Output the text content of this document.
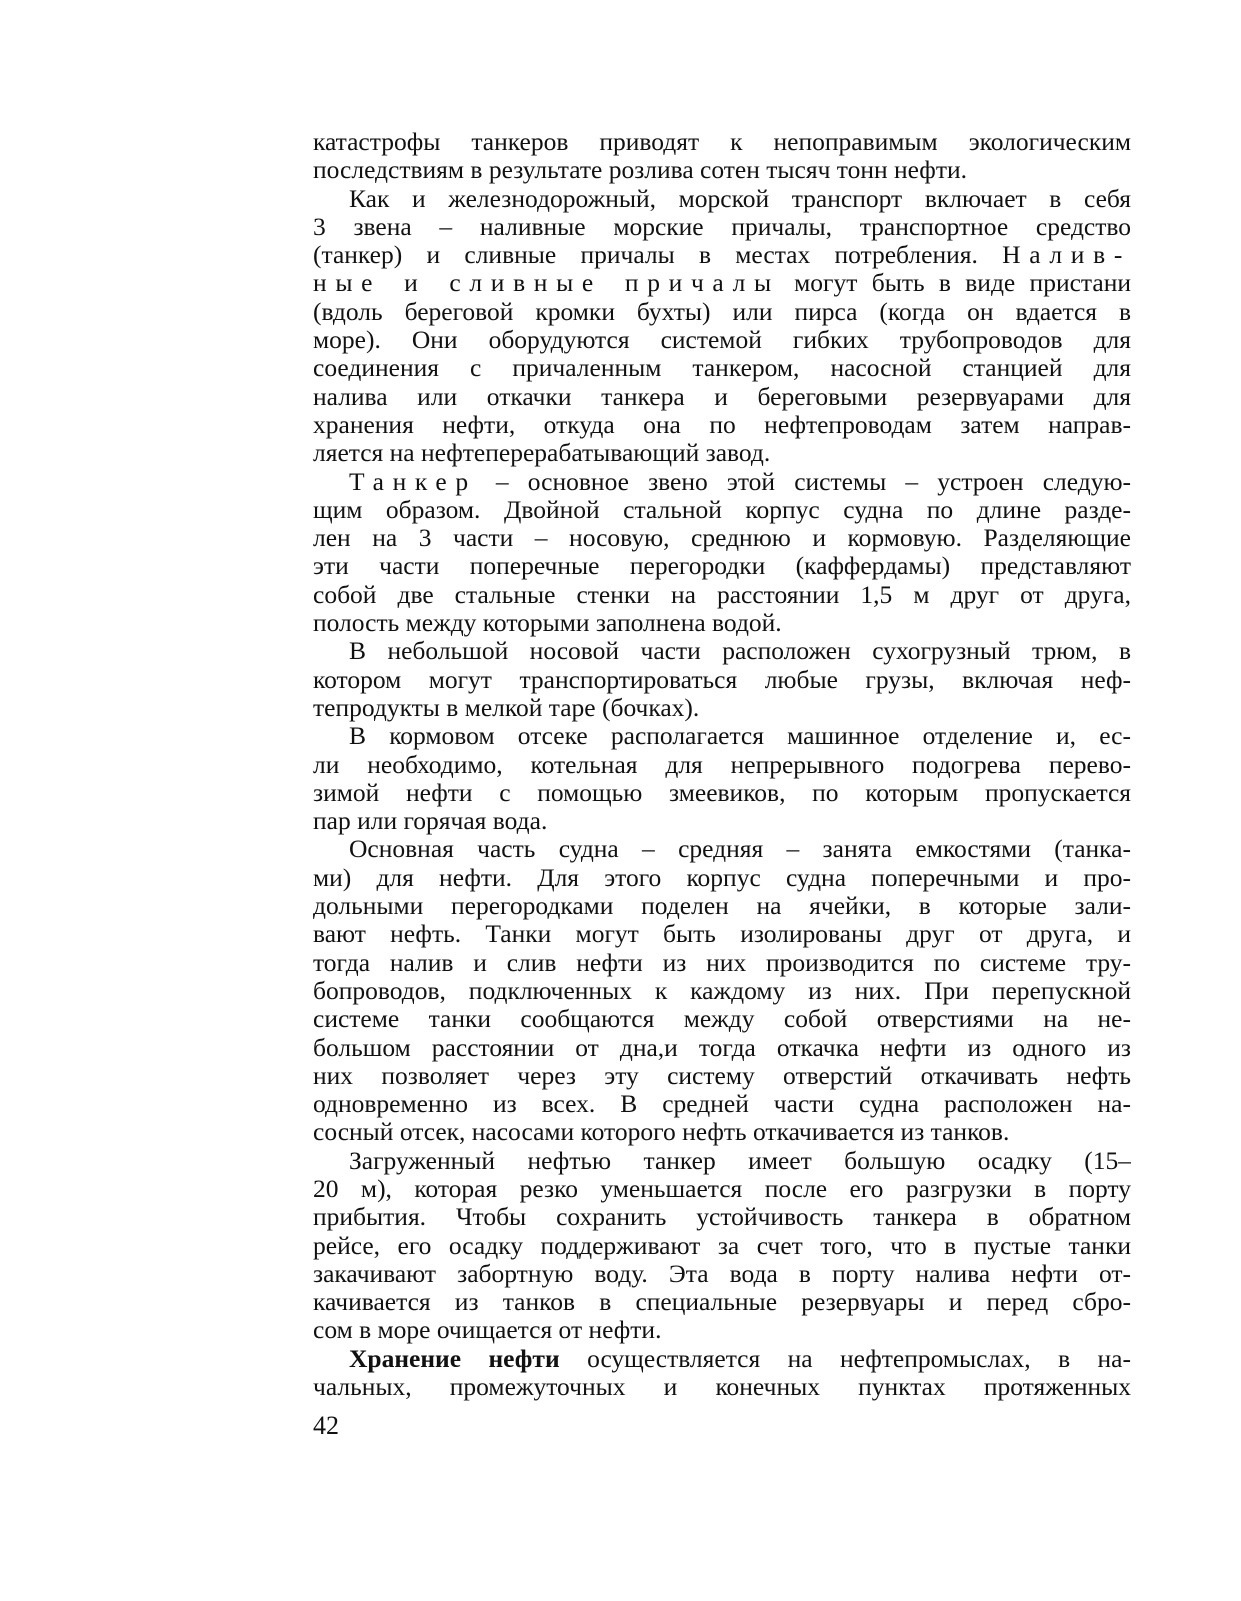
катастрофы танкеров приводят к непоправимым экологическим
последствиям в результате розлива сотен тысяч тонн нефти.
Как и железнодорожный, морской транспорт включает в себя
3 звена – наливные морские причалы, транспортное средство
(танкер) и сливные причалы в местах потребления. Налив-
ные и сливные причалы могут быть в виде пристани
(вдоль береговой кромки бухты) или пирса (когда он вдается в
море). Они оборудуются системой гибких трубопроводов для
соединения с причаленным танкером, насосной станцией для
налива или откачки танкера и береговыми резервуарами для
хранения нефти, откуда она по нефтепроводам затем направ-
ляется на нефтеперерабатывающий завод.
Танкер – основное звено этой системы – устроен следую-
щим образом. Двойной стальной корпус судна по длине разде-
лен на 3 части – носовую, среднюю и кормовую. Разделяющие
эти части поперечные перегородки (каффердамы) представляют
собой две стальные стенки на расстоянии 1,5 м друг от друга,
полость между которыми заполнена водой.
В небольшой носовой части расположен сухогрузный трюм, в
котором могут транспортироваться любые грузы, включая неф-
тепродукты в мелкой таре (бочках).
В кормовом отсеке располагается машинное отделение и, ес-
ли необходимо, котельная для непрерывного подогрева перево-
зимой нефти с помощью змеевиков, по которым пропускается
пар или горячая вода.
Основная часть судна – средняя – занята емкостями (танка-
ми) для нефти. Для этого корпус судна поперечными и про-
дольными перегородками поделен на ячейки, в которые зали-
вают нефть. Танки могут быть изолированы друг от друга, и
тогда налив и слив нефти из них производится по системе тру-
бопроводов, подключенных к каждому из них. При перепускной
системе танки сообщаются между собой отверстиями на не-
большом расстоянии от дна,и тогда откачка нефти из одного из
них позволяет через эту систему отверстий откачивать нефть
одновременно из всех. В средней части судна расположен на-
сосный отсек, насосами которого нефть откачивается из танков.
Загруженный нефтью танкер имеет большую осадку (15–
20 м), которая резко уменьшается после его разгрузки в порту
прибытия. Чтобы сохранить устойчивость танкера в обратном
рейсе, его осадку поддерживают за счет того, что в пустые танки
закачивают забортную воду. Эта вода в порту налива нефти от-
качивается из танков в специальные резервуары и перед сбро-
сом в море очищается от нефти.
Хранение нефти осуществляется на нефтепромыслах, в на-
чальных, промежуточных и конечных пунктах протяженных
42
